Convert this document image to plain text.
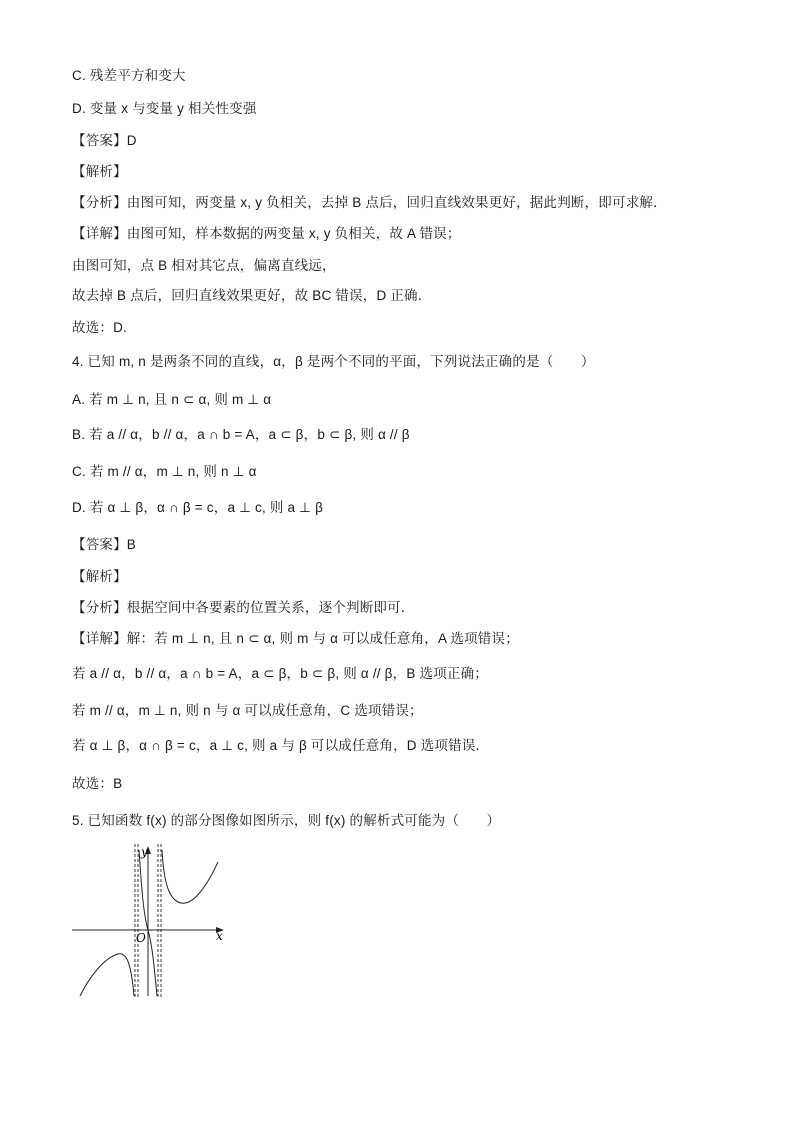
C. 残差平方和变大
D. 变量 x 与变量 y 相关性变强
【答案】D
【解析】
【分析】由图可知，两变量 x, y 负相关，去掉 B 点后，回归直线效果更好，据此判断，即可求解．
【详解】由图可知，样本数据的两变量 x, y 负相关，故 A 错误；
由图可知，点 B 相对其它点，偏离直线远，
故去掉 B 点后，回归直线效果更好，故 BC 错误，D 正确．
故选：D.
4. 已知 m, n 是两条不同的直线，α，β 是两个不同的平面，下列说法正确的是（　　）
A. 若 m ⊥ n, 且 n ⊂ α, 则 m ⊥ α
B. 若 a // α，b // α，a ∩ b = A，a ⊂ β，b ⊂ β, 则 α // β
C. 若 m // α，m ⊥ n, 则 n ⊥ α
D. 若 α ⊥ β，α ∩ β = c，a ⊥ c, 则 a ⊥ β
【答案】B
【解析】
【分析】根据空间中各要素的位置关系，逐个判断即可．
【详解】解：若 m ⊥ n, 且 n ⊂ α, 则 m 与 α 可以成任意角，A 选项错误；
若 a // α，b // α，a ∩ b = A，a ⊂ β，b ⊂ β, 则 α // β，B 选项正确；
若 m // α，m ⊥ n, 则 n 与 α 可以成任意角，C 选项错误；
若 α ⊥ β，α ∩ β = c，a ⊥ c, 则 a 与 β 可以成任意角，D 选项错误．
故选：B
5. 已知函数 f(x) 的部分图像如图所示，则 f(x) 的解析式可能为（　　）
x
y
O
